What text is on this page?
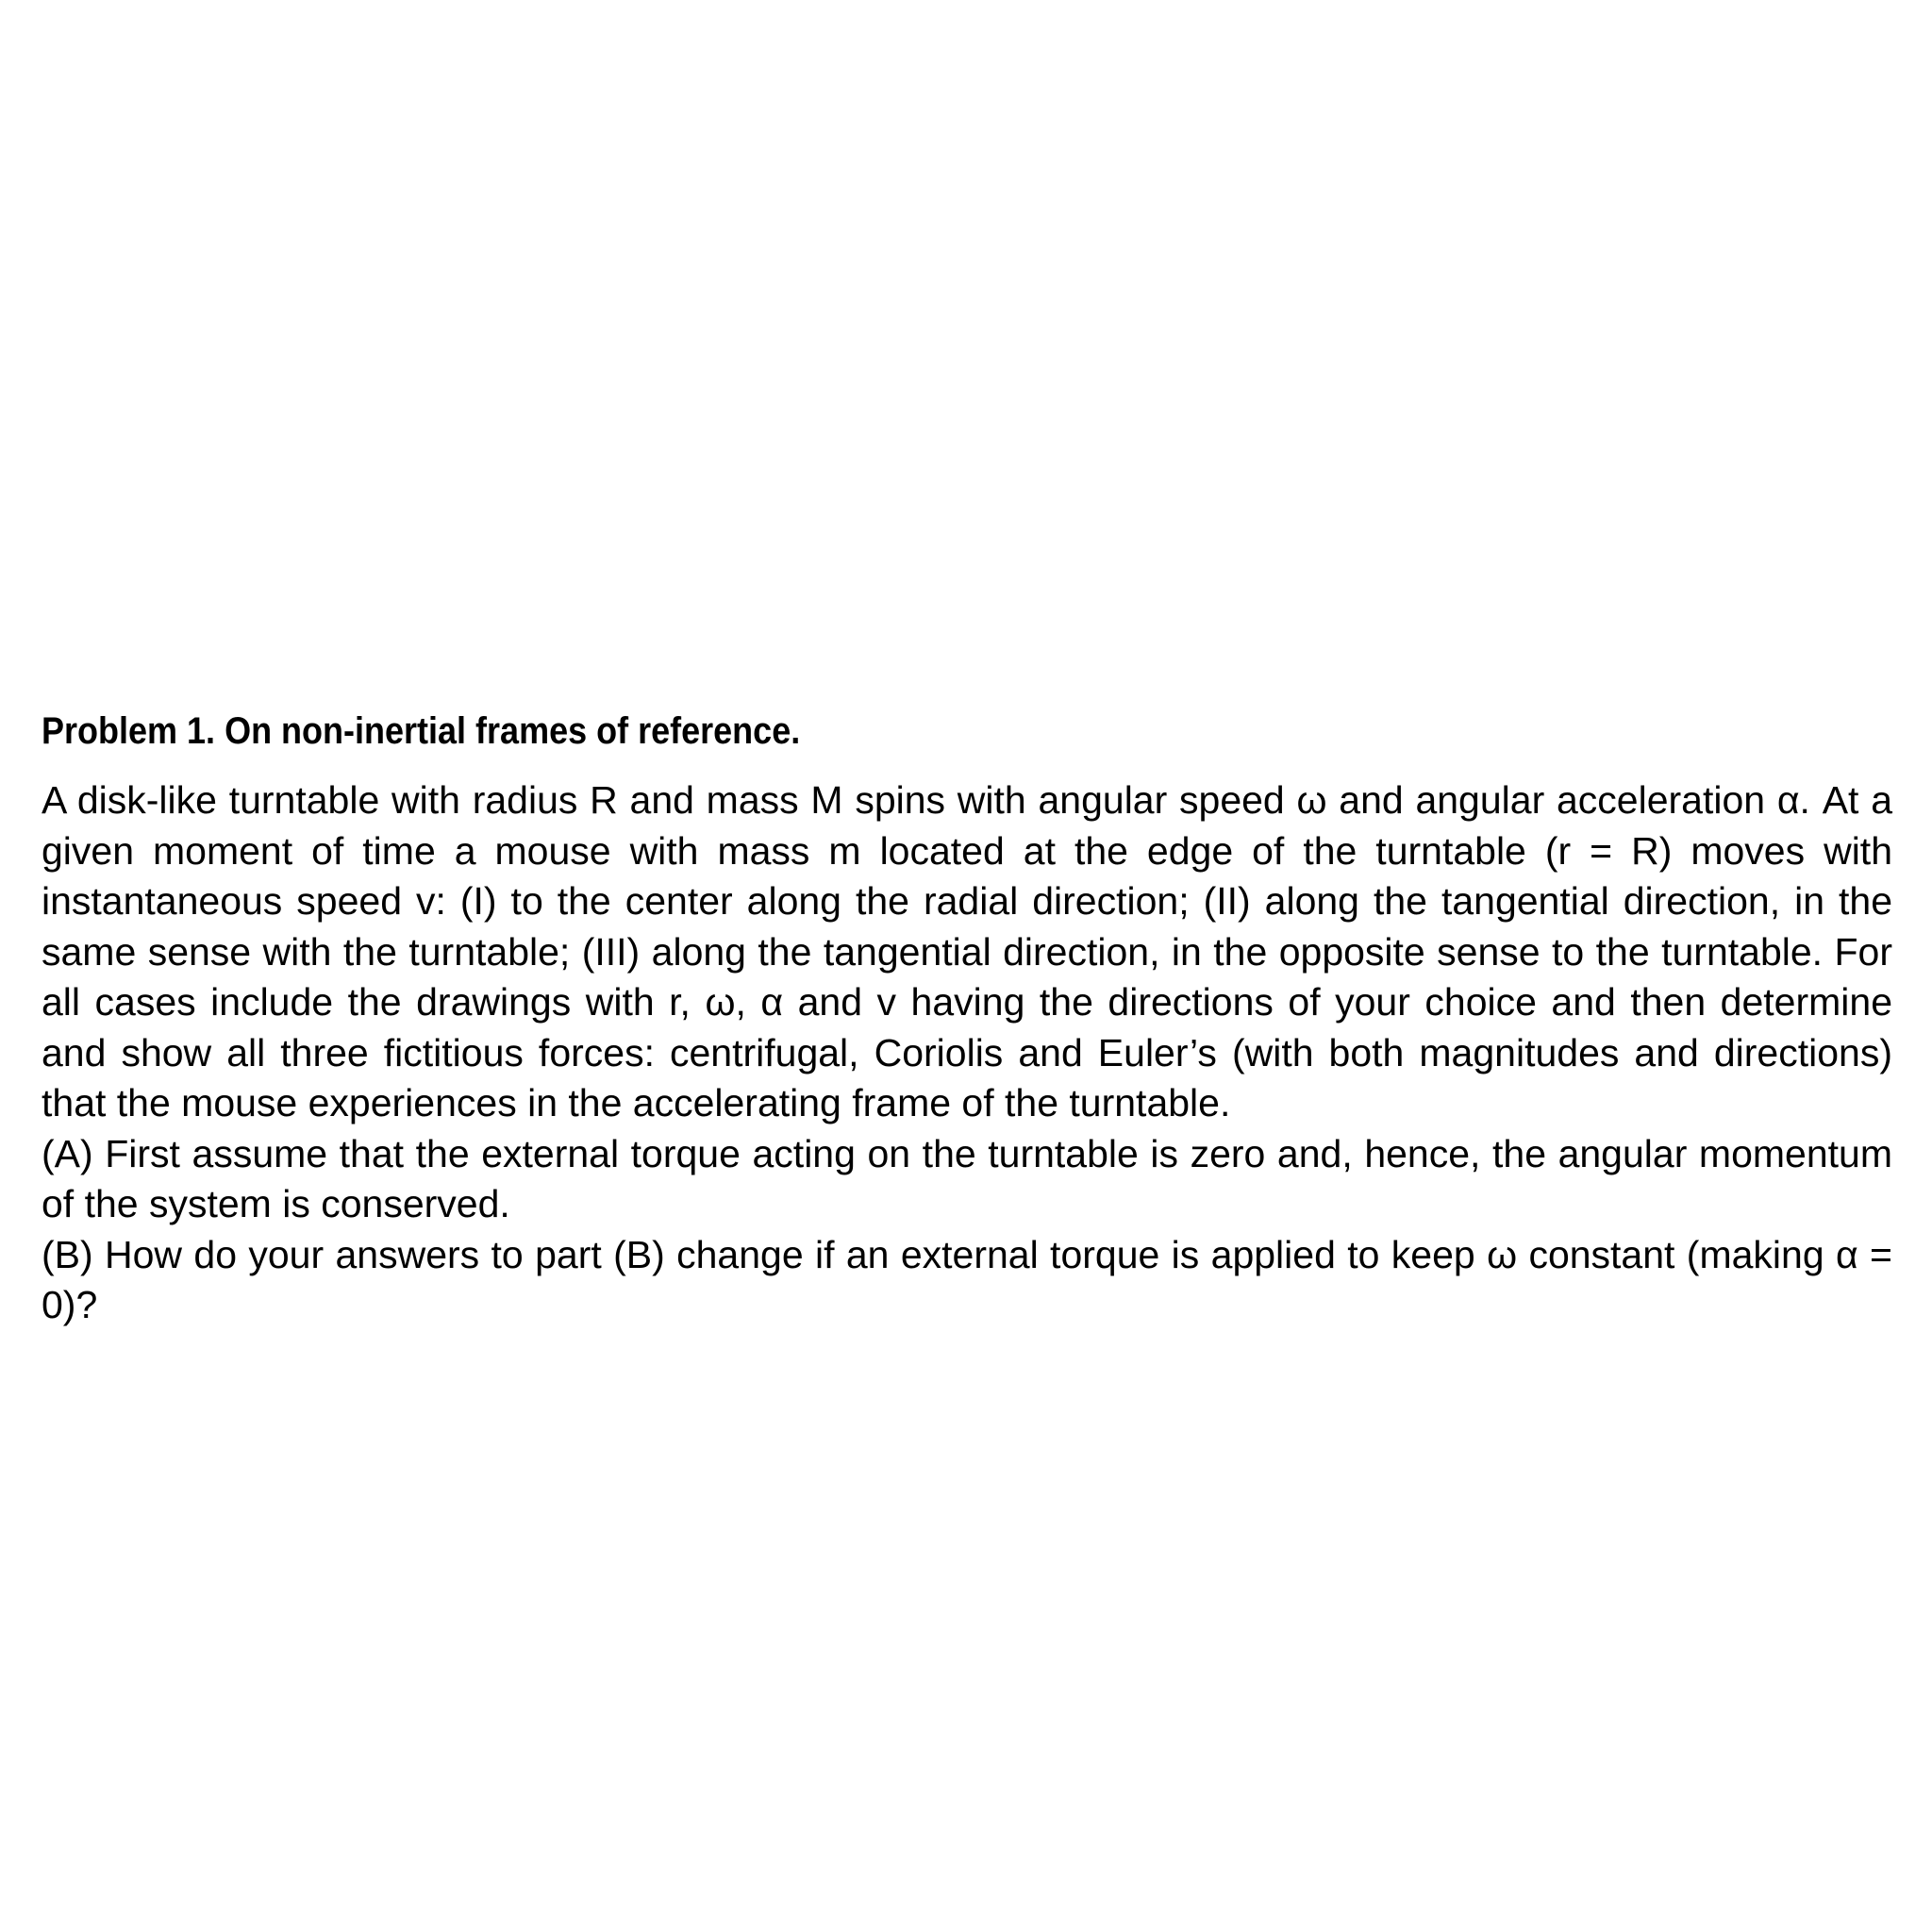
Problem 1. On non-inertial frames of reference.

A disk-like turntable with radius R and mass M spins with angular speed ω and angular acceleration α. At a given moment of time a mouse with mass m located at the edge of the turntable (r = R) moves with instantaneous speed v: (I) to the center along the radial direction; (II) along the tangential direction, in the same sense with the turntable; (III) along the tangential direction, in the opposite sense to the turntable. For all cases include the drawings with r, ω, α and v having the directions of your choice and then determine and show all three fictitious forces: centrifugal, Coriolis and Euler’s (with both magnitudes and directions) that the mouse experiences in the accelerating frame of the turntable.

(A) First assume that the external torque acting on the turntable is zero and, hence, the angular momentum of the system is conserved.

(B) How do your answers to part (B) change if an external torque is applied to keep ω constant (making α = 0)?
